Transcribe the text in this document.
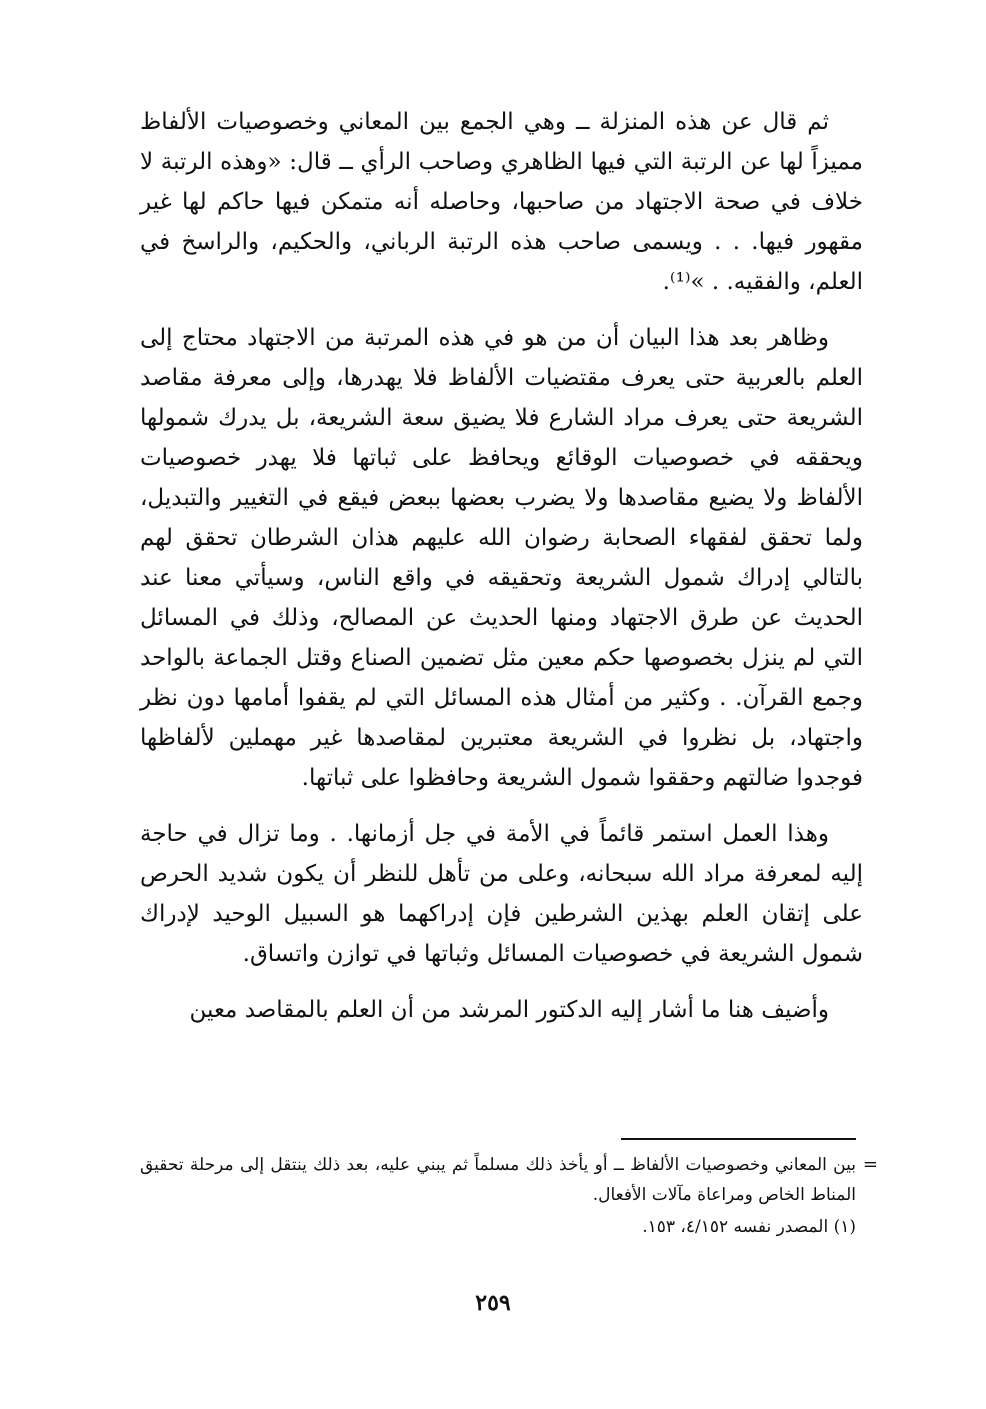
ثم قال عن هذه المنزلة ــ وهي الجمع بين المعاني وخصوصيات الألفاظ مميزاً لها عن الرتبة التي فيها الظاهري وصاحب الرأي ــ قال: «وهذه الرتبة لا خلاف في صحة الاجتهاد من صاحبها، وحاصله أنه متمكن فيها حاكم لها غير مقهور فيها. . . ويسمى صاحب هذه الرتبة الرباني، والحكيم، والراسخ في العلم، والفقيه. . »⁽¹⁾.

وظاهر بعد هذا البيان أن من هو في هذه المرتبة من الاجتهاد محتاج إلى العلم بالعربية حتى يعرف مقتضيات الألفاظ فلا يهدرها، وإلى معرفة مقاصد الشريعة حتى يعرف مراد الشارع فلا يضيق سعة الشريعة، بل يدرك شمولها ويحققه في خصوصيات الوقائع ويحافظ على ثباتها فلا يهدر خصوصيات الألفاظ ولا يضيع مقاصدها ولا يضرب بعضها ببعض فيقع في التغيير والتبديل، ولما تحقق لفقهاء الصحابة رضوان الله عليهم هذان الشرطان تحقق لهم بالتالي إدراك شمول الشريعة وتحقيقه في واقع الناس، وسيأتي معنا عند الحديث عن طرق الاجتهاد ومنها الحديث عن المصالح، وذلك في المسائل التي لم ينزل بخصوصها حكم معين مثل تضمين الصناع وقتل الجماعة بالواحد وجمع القرآن. . وكثير من أمثال هذه المسائل التي لم يقفوا أمامها دون نظر واجتهاد، بل نظروا في الشريعة معتبرين لمقاصدها غير مهملين لألفاظها فوجدوا ضالتهم وحققوا شمول الشريعة وحافظوا على ثباتها.

وهذا العمل استمر قائماً في الأمة في جل أزمانها. . وما تزال في حاجة إليه لمعرفة مراد الله سبحانه، وعلى من تأهل للنظر أن يكون شديد الحرص على إتقان العلم بهذين الشرطين فإن إدراكهما هو السبيل الوحيد لإدراك شمول الشريعة في خصوصيات المسائل وثباتها في توازن واتساق.

وأضيف هنا ما أشار إليه الدكتور المرشد من أن العلم بالمقاصد معين

=
بين المعاني وخصوصيات الألفاظ ــ أو يأخذ ذلك مسلماً ثم يبني عليه، بعد ذلك ينتقل إلى مرحلة تحقيق المناط الخاص ومراعاة مآلات الأفعال.
(١) المصدر نفسه ٤/١٥٢، ١٥٣.
٢٥٩
